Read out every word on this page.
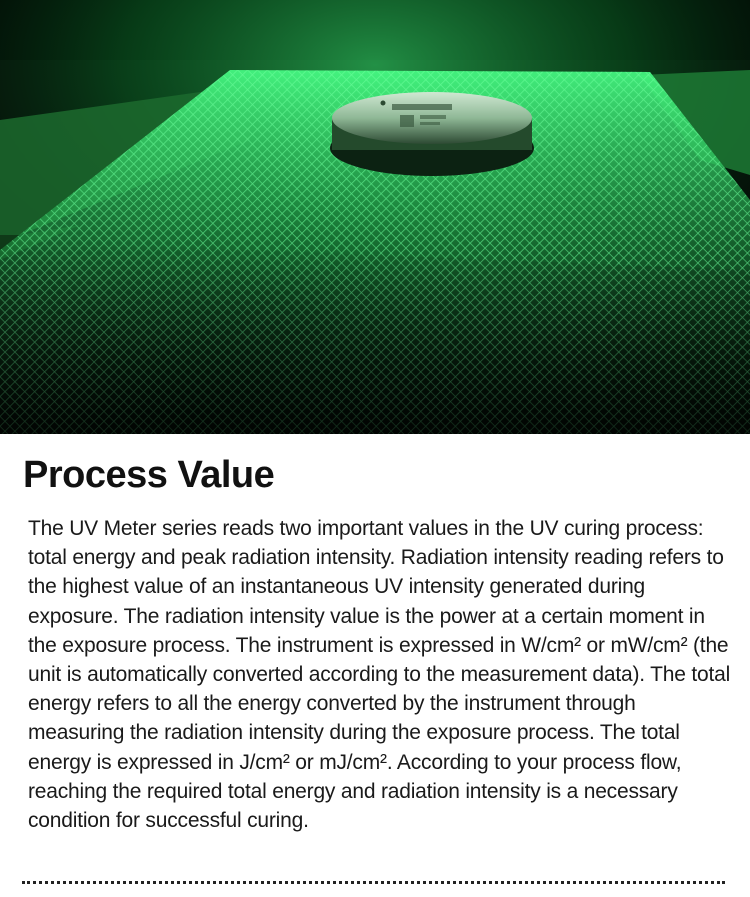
Process Value

The UV Meter series reads two important values in the UV curing process: total energy and peak radiation intensity. Radiation intensity reading refers to the highest value of an instantaneous UV intensity generated during exposure. The radiation intensity value is the power at a certain moment in the exposure process. The instrument is expressed in W/cm² or mW/cm² (the unit is automatically converted according to the measurement data). The total energy refers to all the energy converted by the instrument through measuring the radiation intensity during the exposure process. The total energy is expressed in J/cm² or mJ/cm². According to your process flow, reaching the required total energy and radiation intensity is a necessary condition for successful curing.
